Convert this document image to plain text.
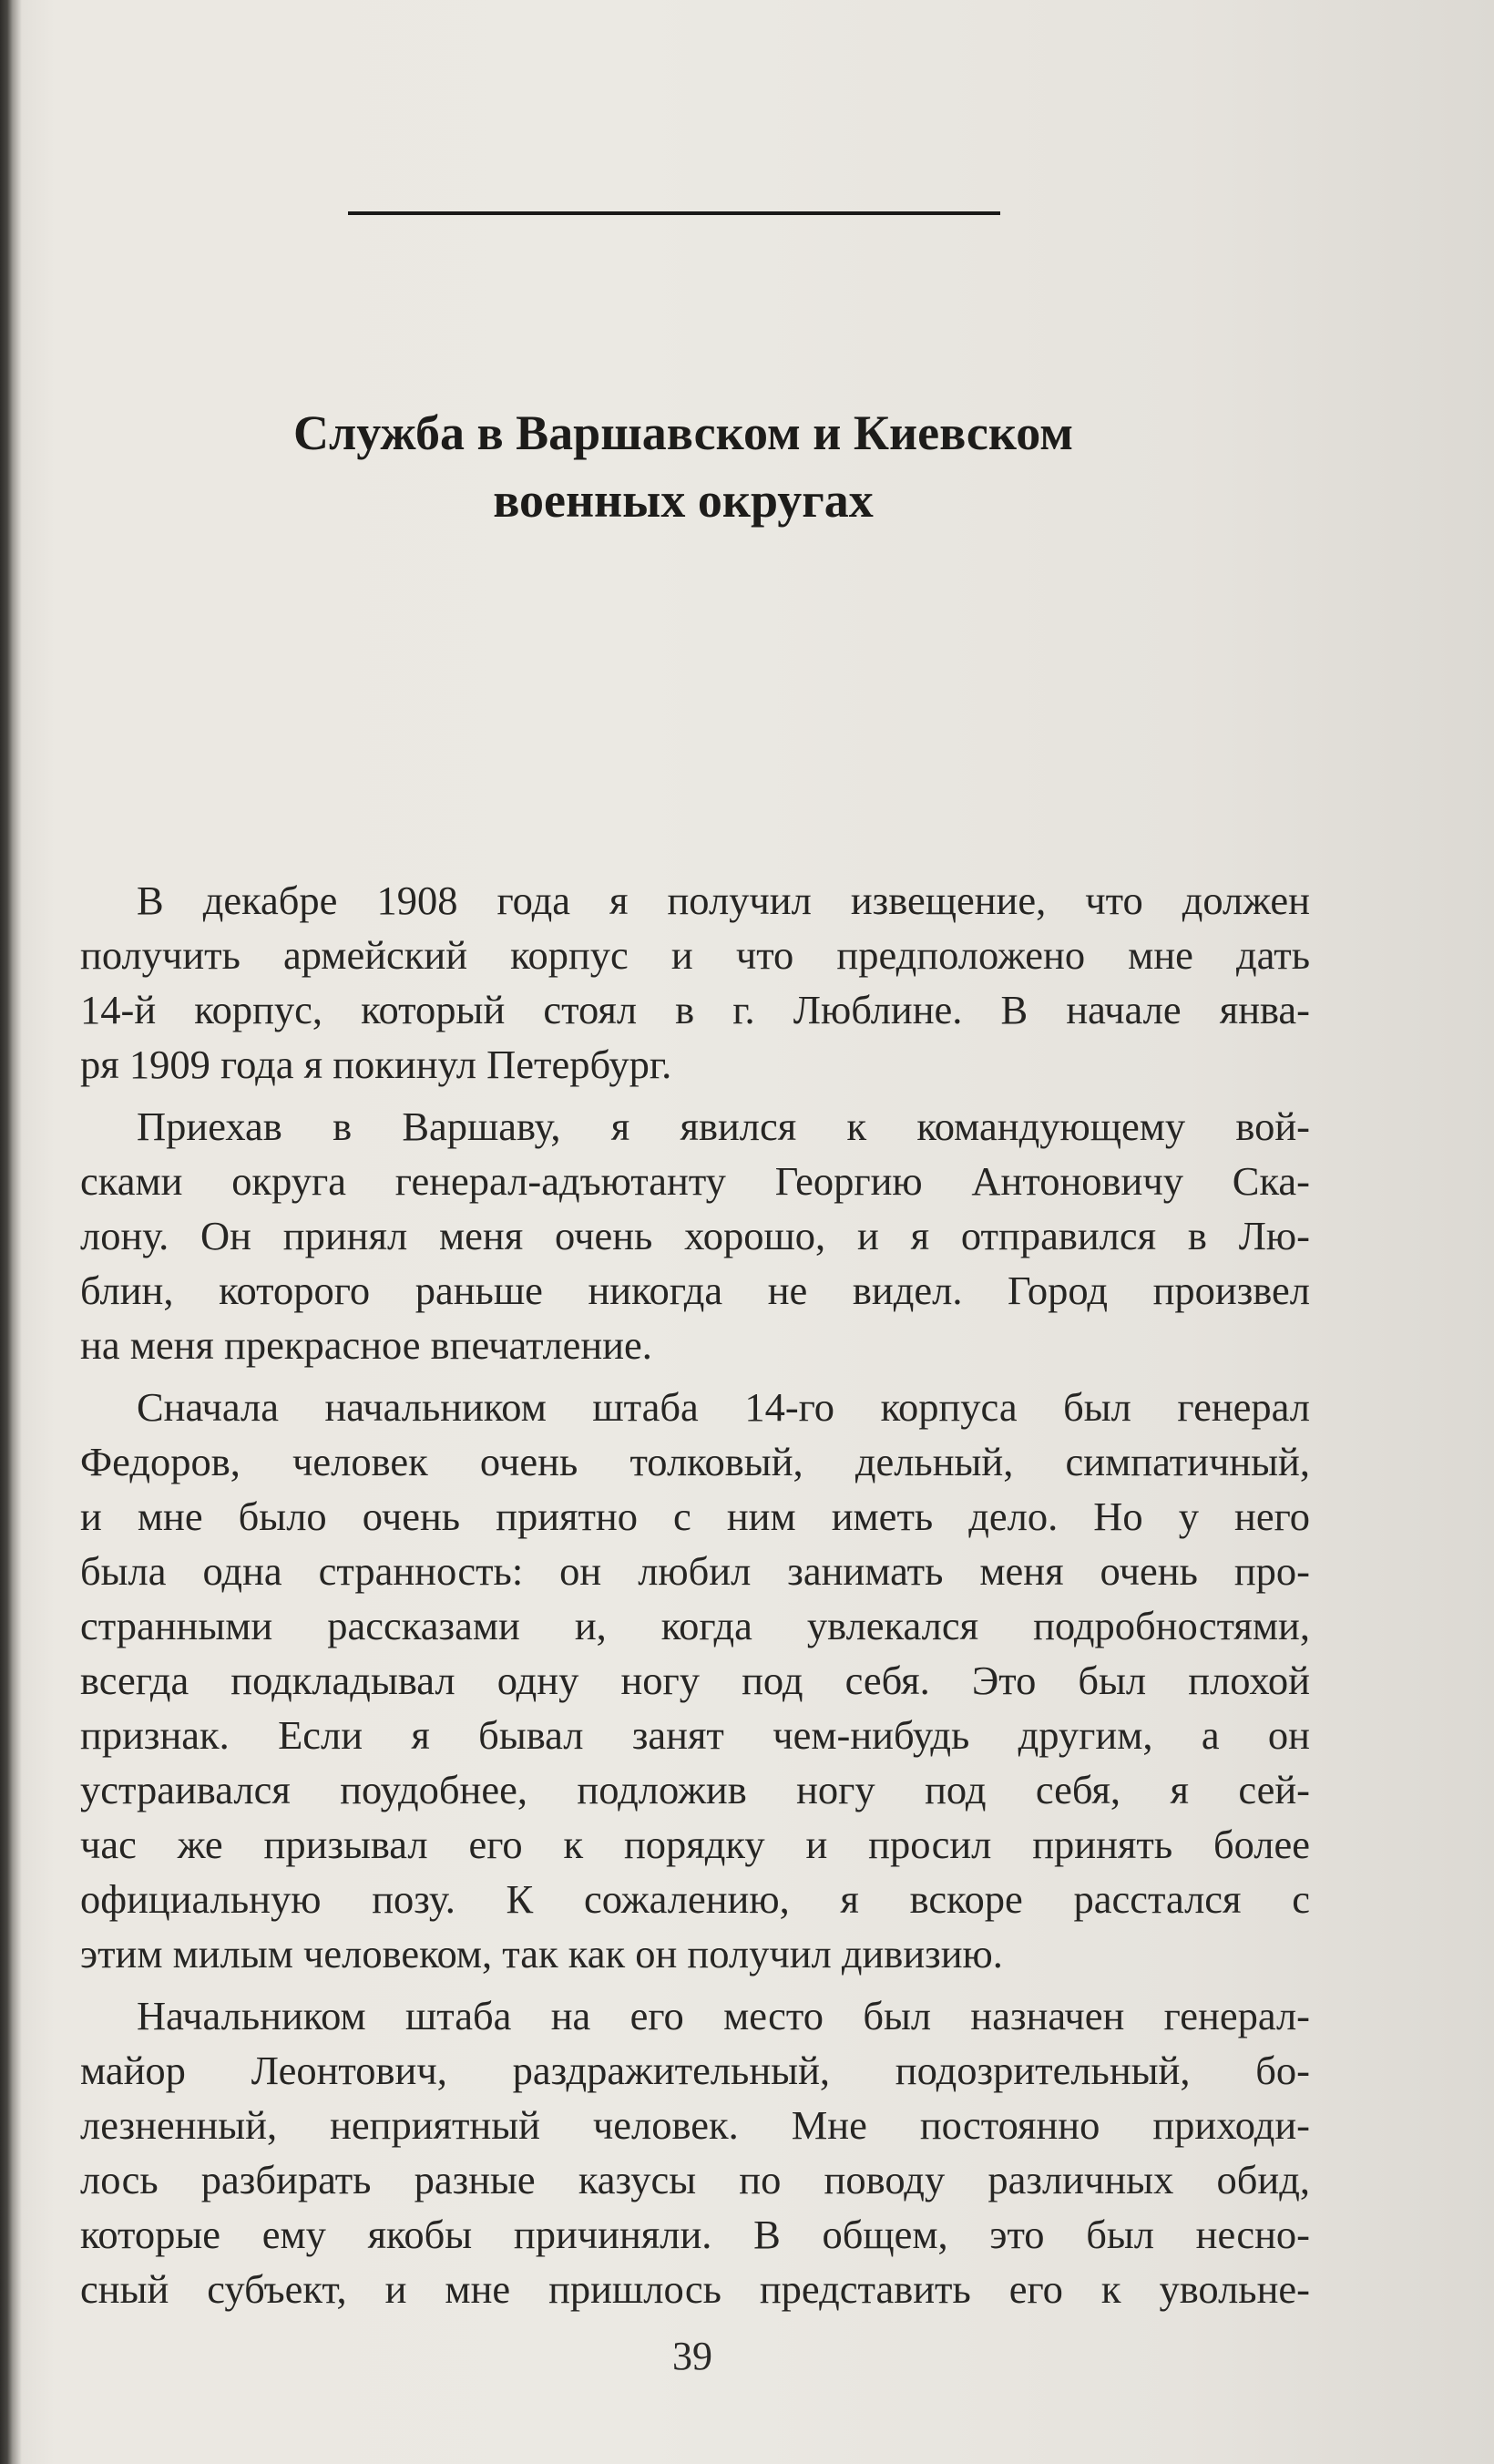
Служба в Варшавском и Киевском
военных округах
В декабре 1908 года я получил извещение, что должен
получить армейский корпус и что предположено мне дать
14-й корпус, который стоял в г. Люблине. В начале янва-
ря 1909 года я покинул Петербург.
Приехав в Варшаву, я явился к командующему вой-
сками округа генерал-адъютанту Георгию Антоновичу Ска-
лону. Он принял меня очень хорошо, и я отправился в Лю-
блин, которого раньше никогда не видел. Город произвел
на меня прекрасное впечатление.
Сначала начальником штаба 14-го корпуса был генерал
Федоров, человек очень толковый, дельный, симпатичный,
и мне было очень приятно с ним иметь дело. Но у него
была одна странность: он любил занимать меня очень про-
странными рассказами и, когда увлекался подробностями,
всегда подкладывал одну ногу под себя. Это был плохой
признак. Если я бывал занят чем-нибудь другим, а он
устраивался поудобнее, подложив ногу под себя, я сей-
час же призывал его к порядку и просил принять более
официальную позу. К сожалению, я вскоре расстался с
этим милым человеком, так как он получил дивизию.
Начальником штаба на его место был назначен генерал-
майор Леонтович, раздражительный, подозрительный, бо-
лезненный, неприятный человек. Мне постоянно приходи-
лось разбирать разные казусы по поводу различных обид,
которые ему якобы причиняли. В общем, это был несно-
сный субъект, и мне пришлось представить его к увольне-
39
